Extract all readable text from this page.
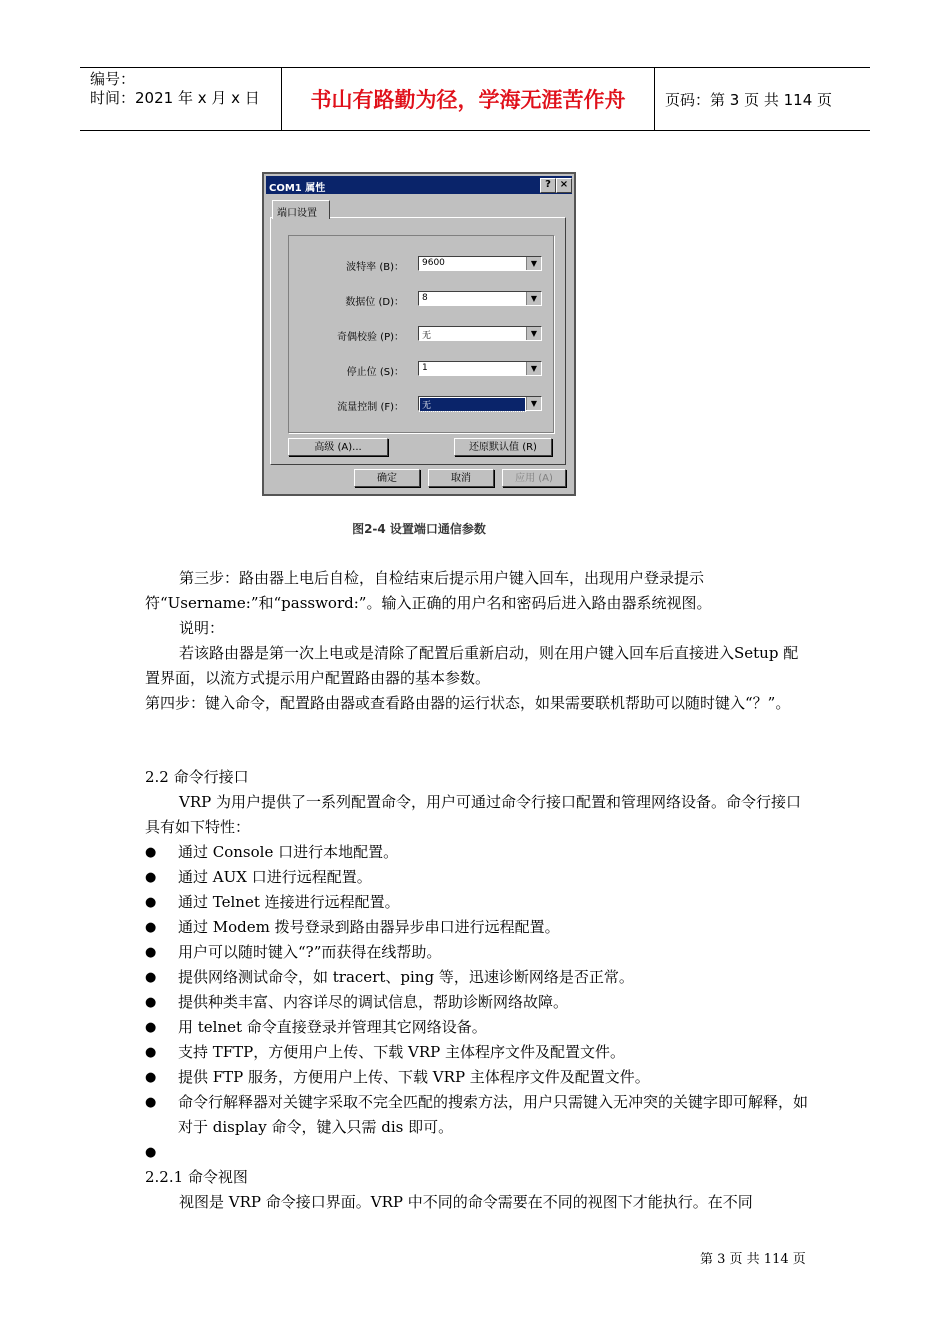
编号：
时间：2021 年 x 月 x 日	书山有路勤为径，学海无涯苦作舟	页码：第 3 页 共 114 页
COM1 属性	? ×
端口设置
波特率 (B)： 9600	▼
数据位 (D)： 8	▼
奇偶校验 (P)： 无	▼
停止位 (S)： 1	▼
流量控制 (F)： 无	▼
高级 (A)...	还原默认值 (R)
确定	取消	应用 (A)
图2-4 设置端口通信参数
第三步：路由器上电后自检，自检结束后提示用户键入回车，出现用户登录提示符“Username:”和“password:”。输入正确的用户名和密码后进入路由器系统视图。
说明：
若该路由器是第一次上电或是清除了配置后重新启动，则在用户键入回车后直接进入Setup 配置界面，以流方式提示用户配置路由器的基本参数。
第四步：键入命令，配置路由器或查看路由器的运行状态，如果需要联机帮助可以随时键入“？”。
2.2 命令行接口
VRP 为用户提供了一系列配置命令，用户可通过命令行接口配置和管理网络设备。命令行接口具有如下特性：
● 通过 Console 口进行本地配置。
● 通过 AUX 口进行远程配置。
● 通过 Telnet 连接进行远程配置。
● 通过 Modem 拨号登录到路由器异步串口进行远程配置。
● 用户可以随时键入“?”而获得在线帮助。
● 提供网络测试命令，如 tracert、ping 等，迅速诊断网络是否正常。
● 提供种类丰富、内容详尽的调试信息，帮助诊断网络故障。
● 用 telnet 命令直接登录并管理其它网络设备。
● 支持 TFTP，方便用户上传、下载 VRP 主体程序文件及配置文件。
● 提供 FTP 服务，方便用户上传、下载 VRP 主体程序文件及配置文件。
● 命令行解释器对关键字采取不完全匹配的搜索方法，用户只需键入无冲突的关键字即可解释，如对于 display 命令，键入只需 dis 即可。
●
2.2.1 命令视图
视图是 VRP 命令接口界面。VRP 中不同的命令需要在不同的视图下才能执行。在不同
第 3 页 共 114 页
